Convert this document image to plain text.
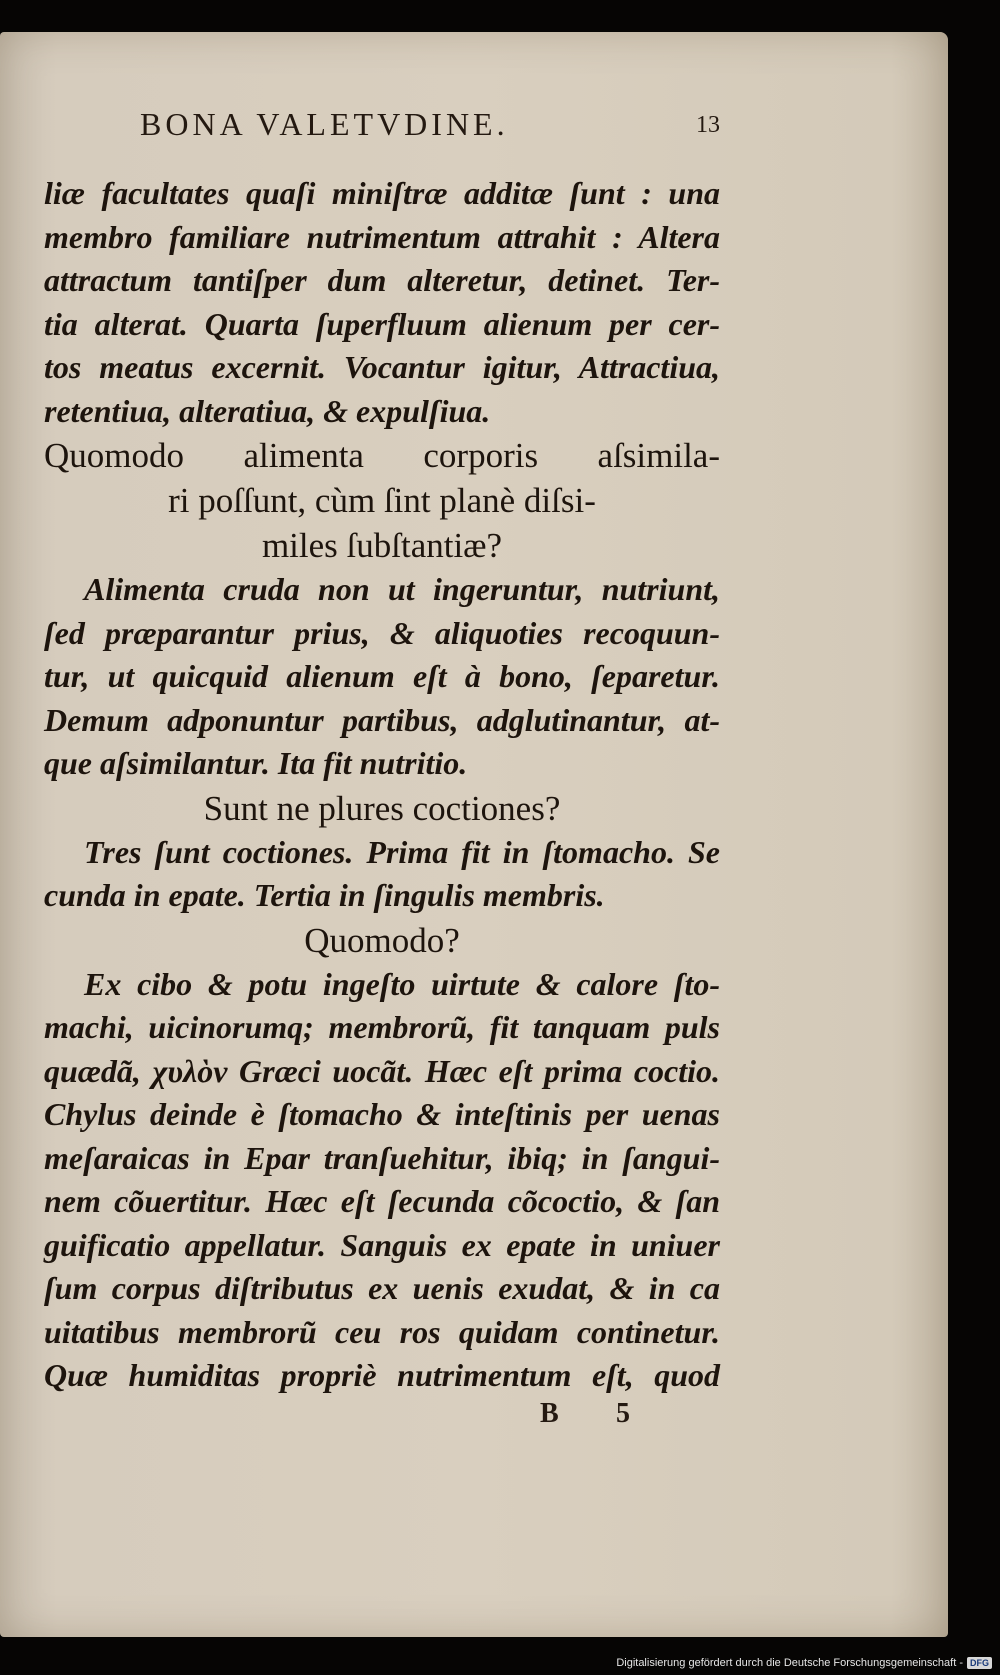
BONA VALETVDINE.	13
liæ facultates quaſi miniſtræ additæ ſunt : una
membro familiare nutrimentum attrahit : Altera
attractum tantiſper dum alteretur, detinet. Ter-
tia alterat. Quarta ſuperfluum alienum per cer-
tos meatus excernit. Vocantur igitur, Attractiua,
retentiua, alteratiua, & expulſiua.
Quomodo alimenta corporis aſsimila-
ri poſſunt, cùm ſint planè diſsi-
miles ſubſtantiæ?
Alimenta cruda non ut ingeruntur, nutriunt,
ſed præparantur prius, & aliquoties recoquun-
tur, ut quicquid alienum eſt à bono, ſeparetur.
Demum adponuntur partibus, adglutinantur, at-
que aſsimilantur. Ita fit nutritio.
Sunt ne plures coctiones?
Tres ſunt coctiones. Prima fit in ſtomacho. Se
cunda in epate. Tertia in ſingulis membris.
Quomodo?
Ex cibo & potu ingeſto uirtute & calore ſto-
machi, uicinorumq; membrorũ, fit tanquam puls
quædã, χυλὸν Græci uocãt. Hæc eſt prima coctio.
Chylus deinde è ſtomacho & inteſtinis per uenas
meſaraicas in Epar tranſuehitur, ibiq; in ſangui-
nem cõuertitur. Hæc eſt ſecunda cõcoctio, & ſan
guificatio appellatur. Sanguis ex epate in uniuer
ſum corpus diſtributus ex uenis exudat, & in ca
uitatibus membrorũ ceu ros quidam continetur.
Quæ humiditas propriè nutrimentum eſt, quod
B 5
Digitalisierung gefördert durch die Deutsche Forschungsgemeinschaft - DFG
